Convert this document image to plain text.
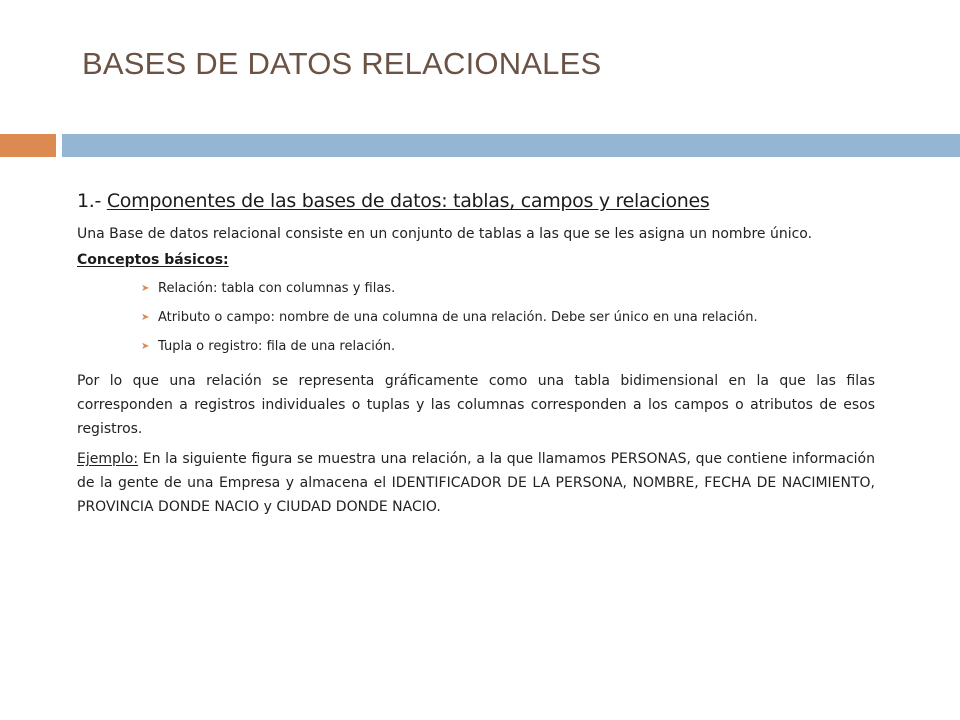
BASES DE DATOS RELACIONALES
1.- Componentes de las bases de datos: tablas, campos y relaciones

Una Base de datos relacional consiste en un conjunto de tablas a las que se les asigna un nombre único.

Conceptos básicos:
➤ Relación: tabla con columnas y filas.
➤ Atributo o campo: nombre de una columna de una relación. Debe ser único en una relación.
➤ Tupla o registro: fila de una relación.

Por lo que una relación se representa gráficamente como una tabla bidimensional en la que las filas corresponden a registros individuales o tuplas y las columnas corresponden a los campos o atributos de esos registros.

Ejemplo: En la siguiente figura se muestra una relación, a la que llamamos PERSONAS, que contiene información de la gente de una Empresa y almacena el IDENTIFICADOR DE LA PERSONA, NOMBRE, FECHA DE NACIMIENTO, PROVINCIA DONDE NACIO y CIUDAD DONDE NACIO.
